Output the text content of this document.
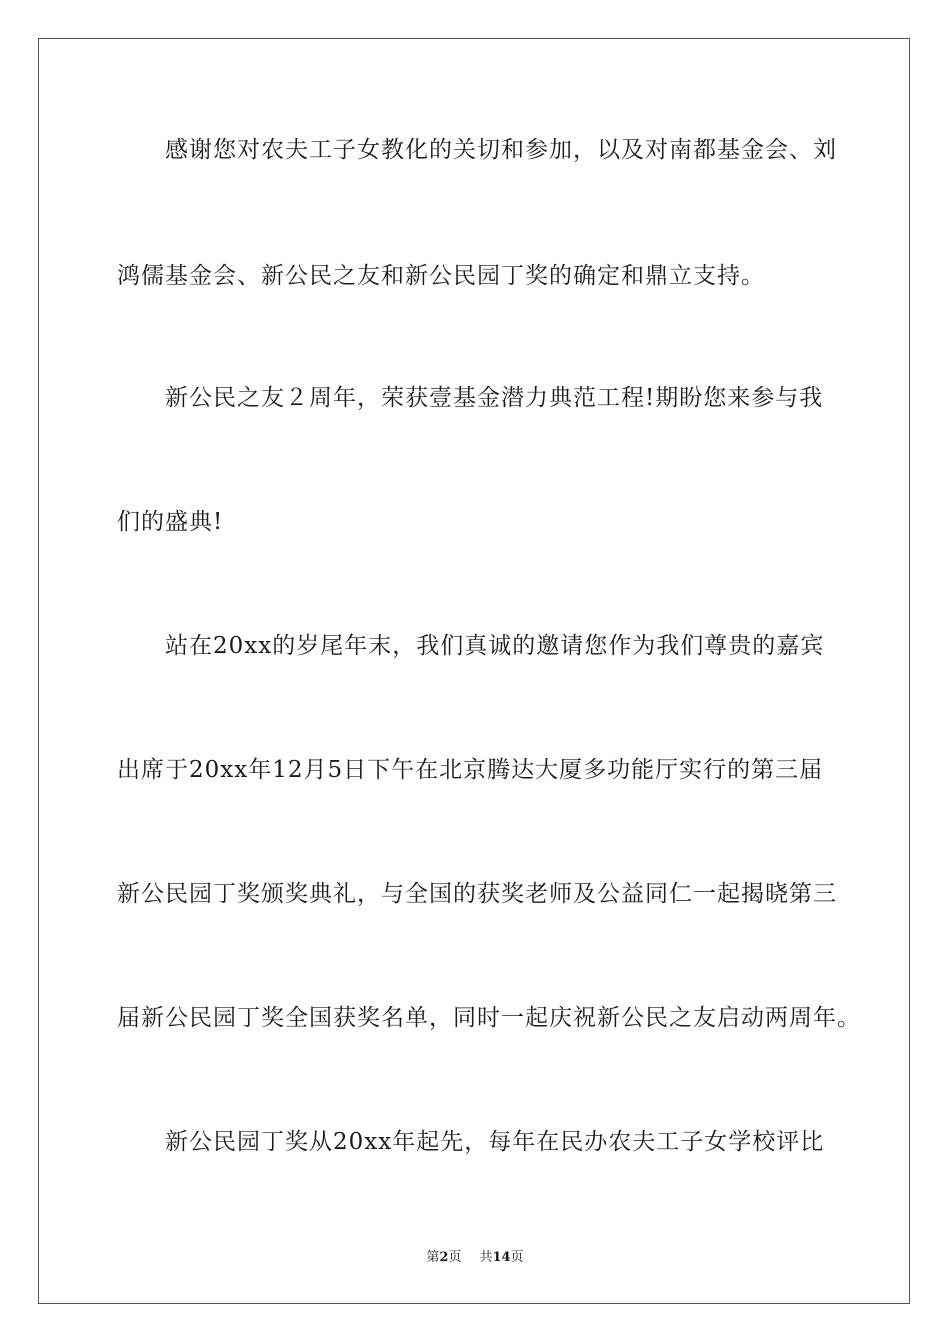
感谢您对农夫工子女教化的关切和参加，以及对南都基金会、刘
鸿儒基金会、新公民之友和新公民园丁奖的确定和鼎立支持。
新公民之友２周年，荣获壹基金潜力典范工程!期盼您来参与我
们的盛典!
站在20xx的岁尾年末，我们真诚的邀请您作为我们尊贵的嘉宾
出席于20xx年12月5日下午在北京腾达大厦多功能厅实行的第三届
新公民园丁奖颁奖典礼，与全国的获奖老师及公益同仁一起揭晓第三
届新公民园丁奖全国获奖名单，同时一起庆祝新公民之友启动两周年。
新公民园丁奖从20xx年起先，每年在民办农夫工子女学校评比
第2页 共14页
